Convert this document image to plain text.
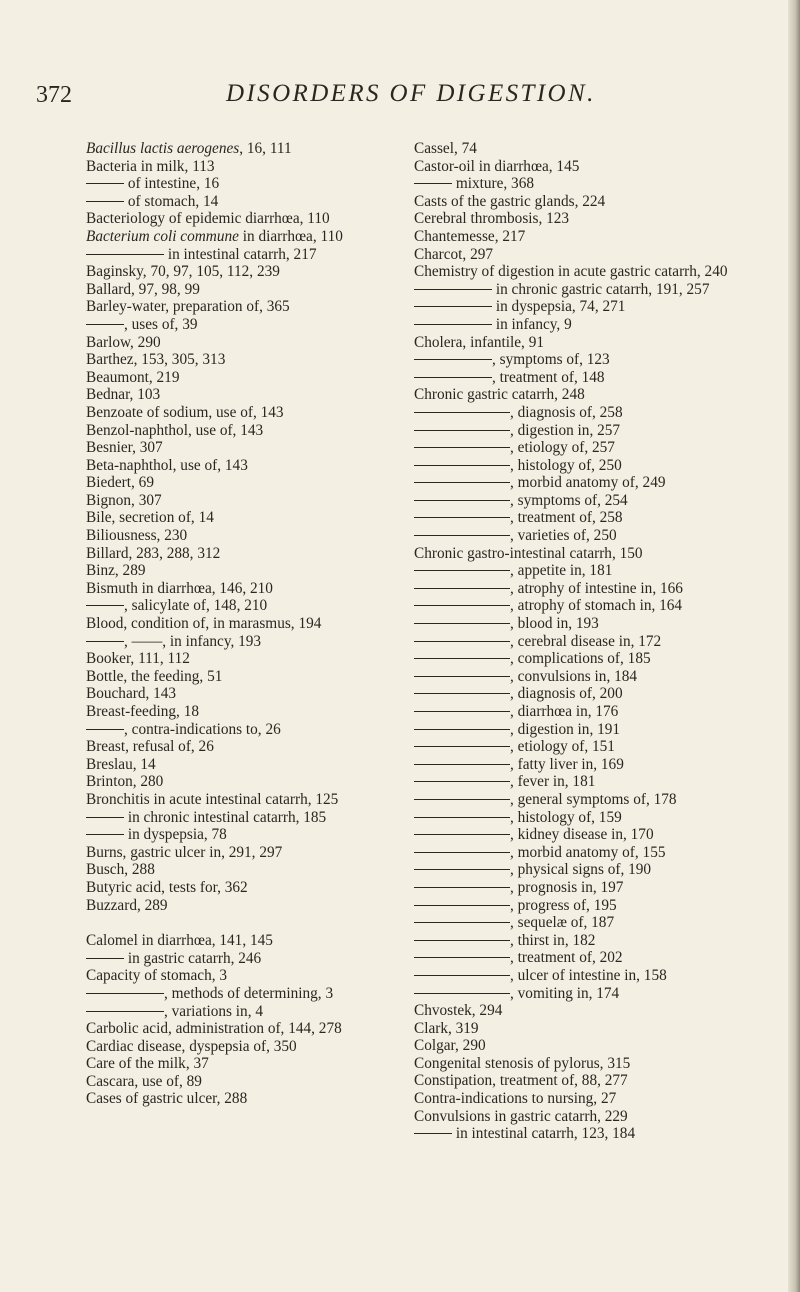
372	DISORDERS OF DIGESTION.
Bacillus lactis aerogenes, 16, 111
Bacteria in milk, 113
of intestine, 16
of stomach, 14
Bacteriology of epidemic diarrhœa, 110
Bacterium coli commune in diarrhœa, 110
in intestinal catarrh, 217
Baginsky, 70, 97, 105, 112, 239
Ballard, 97, 98, 99
Barley-water, preparation of, 365
, uses of, 39
Barlow, 290
Barthez, 153, 305, 313
Beaumont, 219
Bednar, 103
Benzoate of sodium, use of, 143
Benzol-naphthol, use of, 143
Besnier, 307
Beta-naphthol, use of, 143
Biedert, 69
Bignon, 307
Bile, secretion of, 14
Biliousness, 230
Billard, 283, 288, 312
Binz, 289
Bismuth in diarrhœa, 146, 210
, salicylate of, 148, 210
Blood, condition of, in marasmus, 194
, ——, in infancy, 193
Booker, 111, 112
Bottle, the feeding, 51
Bouchard, 143
Breast-feeding, 18
, contra-indications to, 26
Breast, refusal of, 26
Breslau, 14
Brinton, 280
Bronchitis in acute intestinal catarrh, 125
in chronic intestinal catarrh, 185
in dyspepsia, 78
Burns, gastric ulcer in, 291, 297
Busch, 288
Butyric acid, tests for, 362
Buzzard, 289
Calomel in diarrhœa, 141, 145
in gastric catarrh, 246
Capacity of stomach, 3
, methods of determining, 3
, variations in, 4
Carbolic acid, administration of, 144, 278
Cardiac disease, dyspepsia of, 350
Care of the milk, 37
Cascara, use of, 89
Cases of gastric ulcer, 288
Cassel, 74
Castor-oil in diarrhœa, 145
mixture, 368
Casts of the gastric glands, 224
Cerebral thrombosis, 123
Chantemesse, 217
Charcot, 297
Chemistry of digestion in acute gastric catarrh, 240
in chronic gastric catarrh, 191, 257
in dyspepsia, 74, 271
in infancy, 9
Cholera, infantile, 91
, symptoms of, 123
, treatment of, 148
Chronic gastric catarrh, 248
, diagnosis of, 258
, digestion in, 257
, etiology of, 257
, histology of, 250
, morbid anatomy of, 249
, symptoms of, 254
, treatment of, 258
, varieties of, 250
Chronic gastro-intestinal catarrh, 150
, appetite in, 181
, atrophy of intestine in, 166
, atrophy of stomach in, 164
, blood in, 193
, cerebral disease in, 172
, complications of, 185
, convulsions in, 184
, diagnosis of, 200
, diarrhœa in, 176
, digestion in, 191
, etiology of, 151
, fatty liver in, 169
, fever in, 181
, general symptoms of, 178
, histology of, 159
, kidney disease in, 170
, morbid anatomy of, 155
, physical signs of, 190
, prognosis in, 197
, progress of, 195
, sequelæ of, 187
, thirst in, 182
, treatment of, 202
, ulcer of intestine in, 158
, vomiting in, 174
Chvostek, 294
Clark, 319
Colgar, 290
Congenital stenosis of pylorus, 315
Constipation, treatment of, 88, 277
Contra-indications to nursing, 27
Convulsions in gastric catarrh, 229
in intestinal catarrh, 123, 184
